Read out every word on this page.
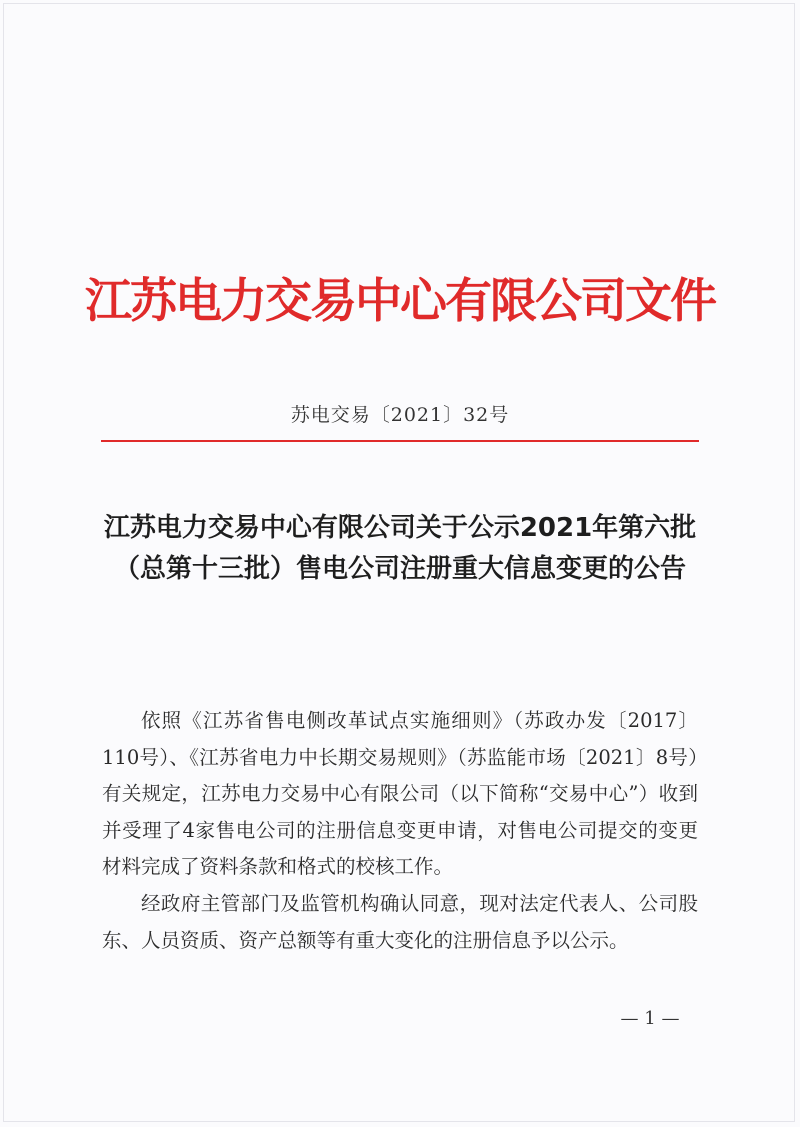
江苏电力交易中心有限公司文件
苏电交易〔2021〕32号
江苏电力交易中心有限公司关于公示2021年第六批（总第十三批）售电公司注册重大信息变更的公告

依照《江苏省售电侧改革试点实施细则》（苏政办发〔2017〕110号）、《江苏省电力中长期交易规则》（苏监能市场〔2021〕8号）有关规定，江苏电力交易中心有限公司（以下简称“交易中心”）收到并受理了4家售电公司的注册信息变更申请，对售电公司提交的变更材料完成了资料条款和格式的校核工作。

经政府主管部门及监管机构确认同意，现对法定代表人、公司股东、人员资质、资产总额等有重大变化的注册信息予以公示。

— 1 —
